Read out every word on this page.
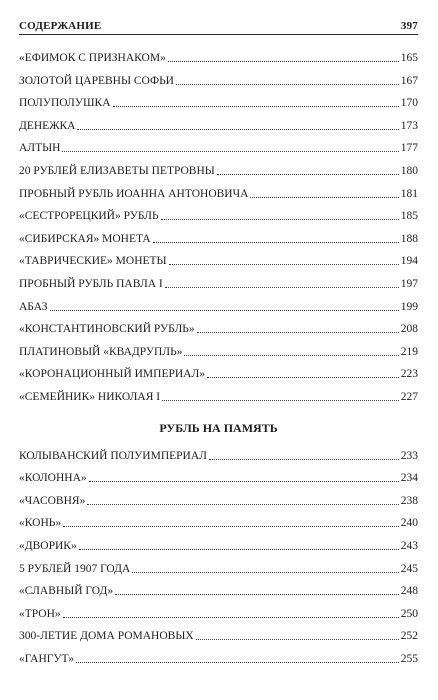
СОДЕРЖАНИЕ	397
РУБЛЬ НА ПАМЯТЬ
«ЕФИМОК С ПРИЗНАКОМ»	165
ЗОЛОТОЙ ЦАРЕВНЫ СОФЬИ	167
ПОЛУПОЛУШКА	170
ДЕНЕЖКА	173
АЛТЫН	177
20 РУБЛЕЙ ЕЛИЗАВЕТЫ ПЕТРОВНЫ	180
ПРОБНЫЙ РУБЛЬ ИОАННА АНТОНОВИЧА	181
«СЕСТРОРЕЦКИЙ» РУБЛЬ	185
«СИБИРСКАЯ» МОНЕТА	188
«ТАВРИЧЕСКИЕ» МОНЕТЫ	194
ПРОБНЫЙ РУБЛЬ ПАВЛА I	197
АБАЗ	199
«КОНСТАНТИНОВСКИЙ РУБЛЬ»	208
ПЛАТИНОВЫЙ «КВАДРУПЛЬ»	219
«КОРОНАЦИОННЫЙ ИМПЕРИАЛ»	223
«СЕМЕЙНИК» НИКОЛАЯ I	227
КОЛЫВАНСКИЙ ПОЛУИМПЕРИАЛ	233
«КОЛОННА»	234
«ЧАСОВНЯ»	238
«КОНЬ»	240
«ДВОРИК»	243
5 РУБЛЕЙ 1907 ГОДА	245
«СЛАВНЫЙ ГОД»	248
«ТРОН»	250
300-ЛЕТИЕ ДОМА РОМАНОВЫХ	252
«ГАНГУТ»	255
